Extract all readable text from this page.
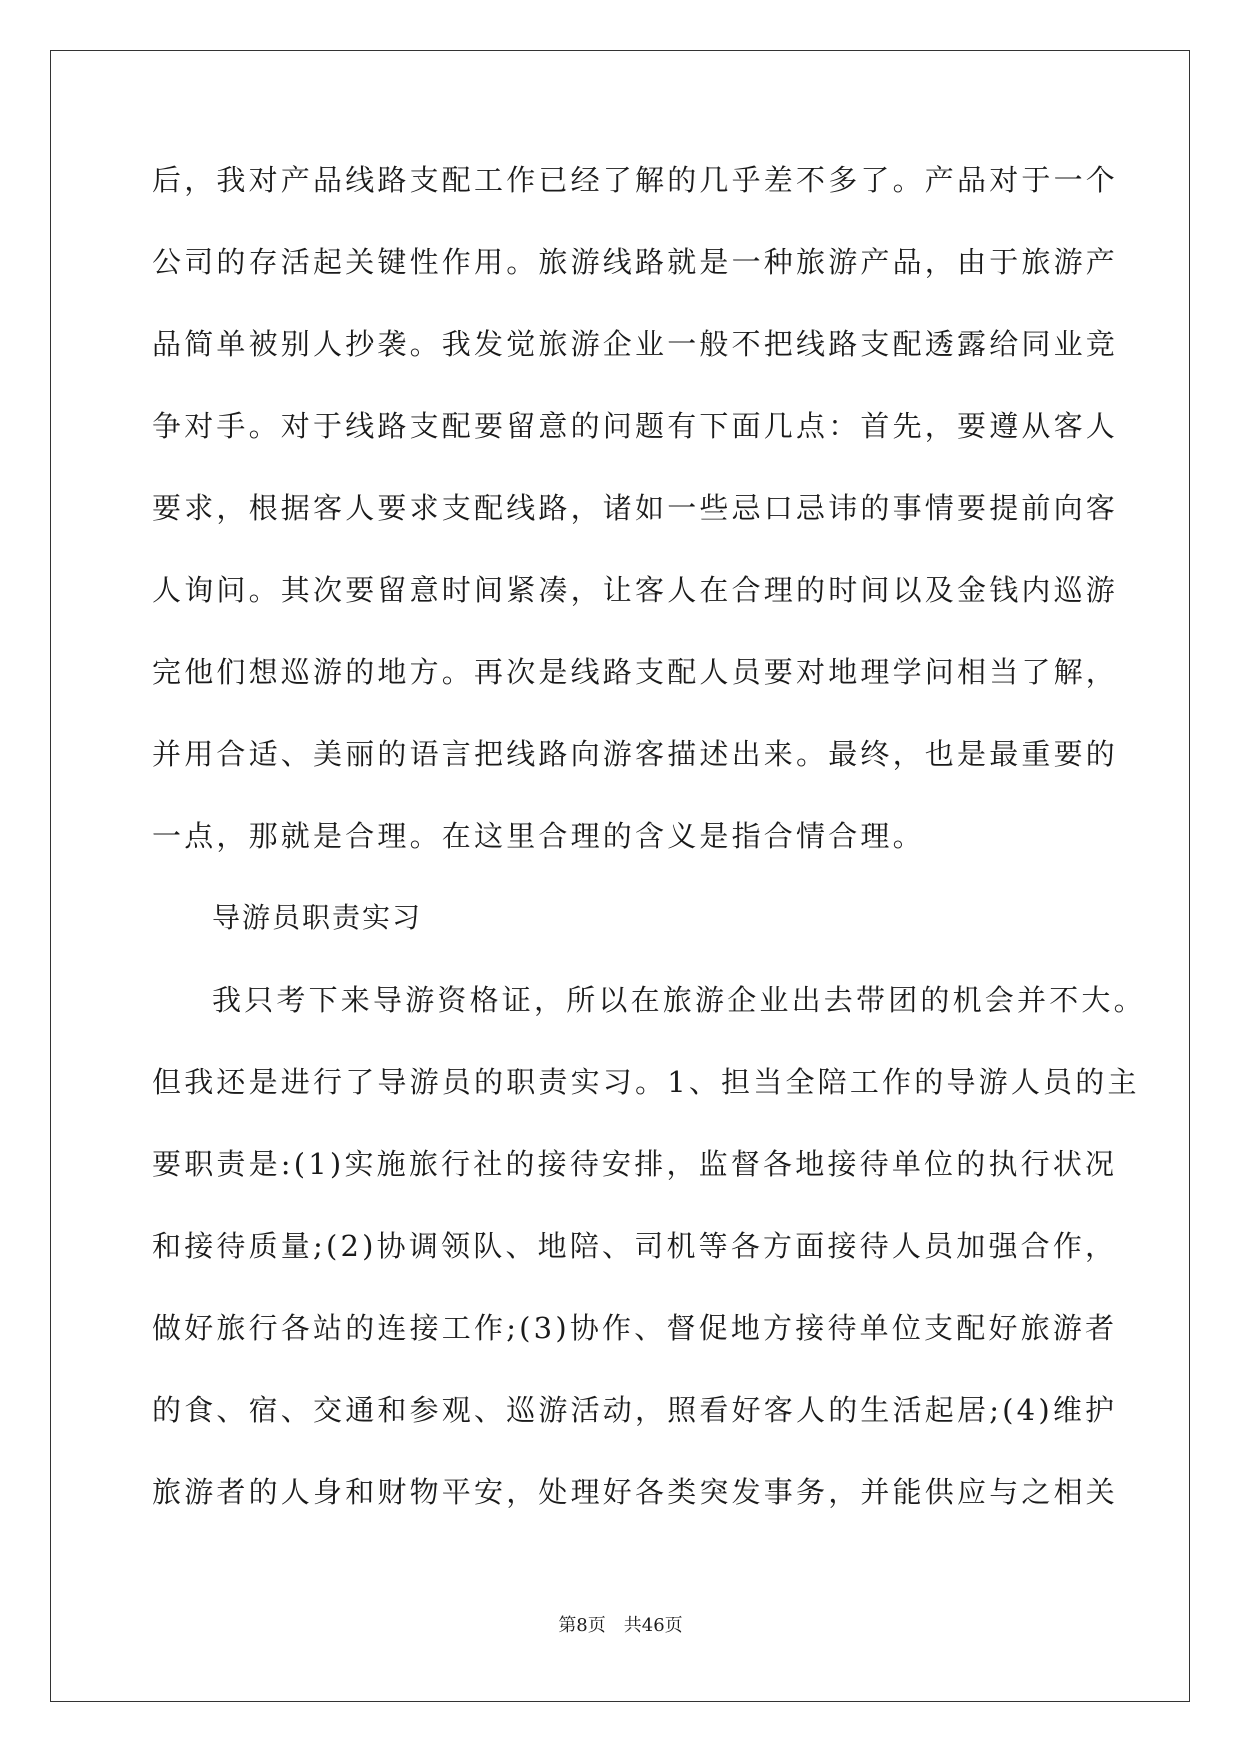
后，我对产品线路支配工作已经了解的几乎差不多了。产品对于一个
公司的存活起关键性作用。旅游线路就是一种旅游产品，由于旅游产
品简单被别人抄袭。我发觉旅游企业一般不把线路支配透露给同业竞
争对手。对于线路支配要留意的问题有下面几点：首先，要遵从客人
要求，根据客人要求支配线路，诸如一些忌口忌讳的事情要提前向客
人询问。其次要留意时间紧凑，让客人在合理的时间以及金钱内巡游
完他们想巡游的地方。再次是线路支配人员要对地理学问相当了解，
并用合适、美丽的语言把线路向游客描述出来。最终，也是最重要的
一点，那就是合理。在这里合理的含义是指合情合理。
导游员职责实习
我只考下来导游资格证，所以在旅游企业出去带团的机会并不大。
但我还是进行了导游员的职责实习。1、担当全陪工作的导游人员的主
要职责是:(1)实施旅行社的接待安排，监督各地接待单位的执行状况
和接待质量;(2)协调领队、地陪、司机等各方面接待人员加强合作，
做好旅行各站的连接工作;(3)协作、督促地方接待单位支配好旅游者
的食、宿、交通和参观、巡游活动，照看好客人的生活起居;(4)维护
旅游者的人身和财物平安，处理好各类突发事务，并能供应与之相关
第8页　共46页
